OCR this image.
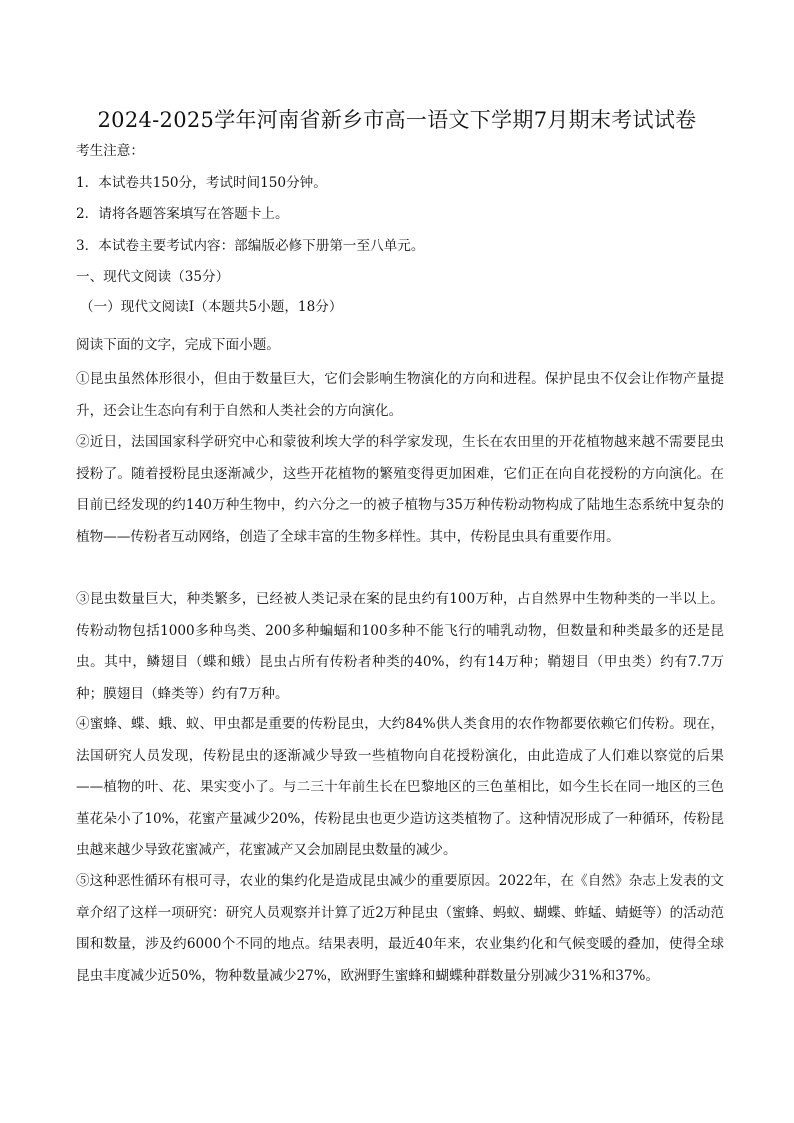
2024-2025学年河南省新乡市高一语文下学期7月期末考试试卷
考生注意：
1．本试卷共150分，考试时间150分钟。
2．请将各题答案填写在答题卡上。
3．本试卷主要考试内容：部编版必修下册第一至八单元。
一、现代文阅读（35分）
（一）现代文阅读Ⅰ（本题共5小题，18分）
阅读下面的文字，完成下面小题。
①昆虫虽然体形很小，但由于数量巨大，它们会影响生物演化的方向和进程。保护昆虫不仅会让作物产量提升，还会让生态向有利于自然和人类社会的方向演化。
②近日，法国国家科学研究中心和蒙彼利埃大学的科学家发现，生长在农田里的开花植物越来越不需要昆虫授粉了。随着授粉昆虫逐渐减少，这些开花植物的繁殖变得更加困难，它们正在向自花授粉的方向演化。在目前已经发现的约140万种生物中，约六分之一的被子植物与35万种传粉动物构成了陆地生态系统中复杂的植物——传粉者互动网络，创造了全球丰富的生物多样性。其中，传粉昆虫具有重要作用。
③昆虫数量巨大，种类繁多，已经被人类记录在案的昆虫约有100万种，占自然界中生物种类的一半以上。传粉动物包括1000多种鸟类、200多种蝙蝠和100多种不能飞行的哺乳动物，但数量和种类最多的还是昆虫。其中，鳞翅目（蝶和蛾）昆虫占所有传粉者种类的40%，约有14万种；鞘翅目（甲虫类）约有7.7万种；膜翅目（蜂类等）约有7万种。
④蜜蜂、蝶、蛾、蚁、甲虫都是重要的传粉昆虫，大约84%供人类食用的农作物都要依赖它们传粉。现在，法国研究人员发现，传粉昆虫的逐渐减少导致一些植物向自花授粉演化，由此造成了人们难以察觉的后果——植物的叶、花、果实变小了。与二三十年前生长在巴黎地区的三色堇相比，如今生长在同一地区的三色堇花朵小了10%，花蜜产量减少20%，传粉昆虫也更少造访这类植物了。这种情况形成了一种循环，传粉昆虫越来越少导致花蜜减产，花蜜减产又会加剧昆虫数量的减少。
⑤这种恶性循环有根可寻，农业的集约化是造成昆虫减少的重要原因。2022年，在《自然》杂志上发表的文章介绍了这样一项研究：研究人员观察并计算了近2万种昆虫（蜜蜂、蚂蚁、蝴蝶、蚱蜢、蜻蜓等）的活动范围和数量，涉及约6000个不同的地点。结果表明，最近40年来，农业集约化和气候变暖的叠加，使得全球昆虫丰度减少近50%，物种数量减少27%，欧洲野生蜜蜂和蝴蝶种群数量分别减少31%和37%。
